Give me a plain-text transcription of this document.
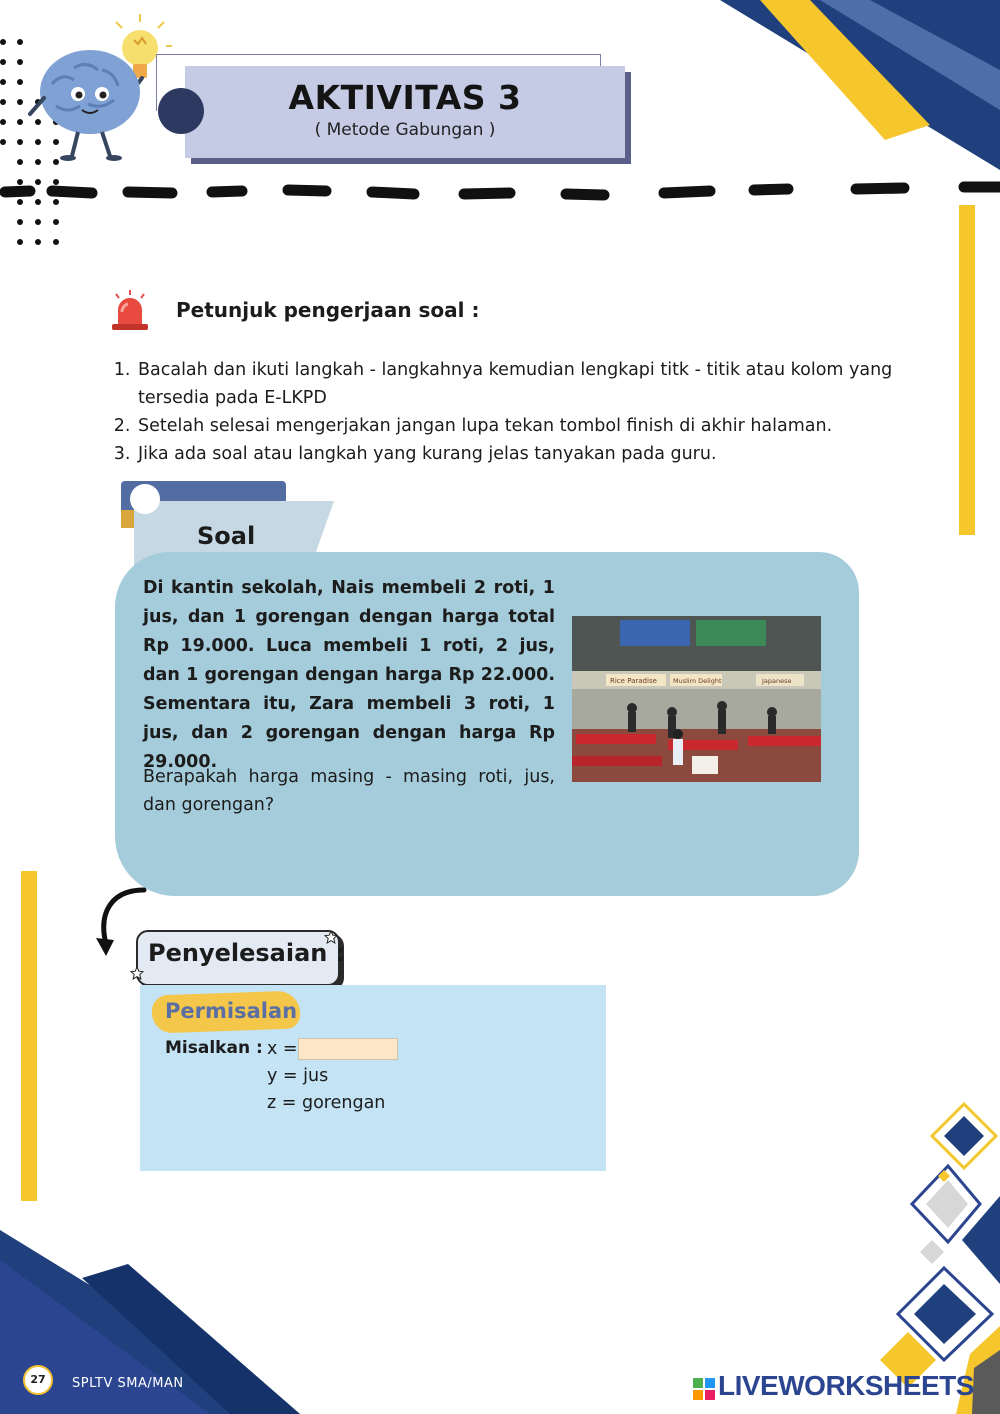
AKTIVITAS 3
( Metode Gabungan )
Petunjuk pengerjaan soal :
1. Bacalah dan ikuti langkah - langkahnya kemudian lengkapi titk - titik atau kolom yang tersedia pada E-LKPD
2. Setelah selesai mengerjakan jangan lupa tekan tombol finish di akhir halaman.
3. Jika ada soal atau langkah yang kurang jelas tanyakan pada guru.
Soal
Di kantin sekolah, Nais membeli 2 roti, 1 jus, dan 1 gorengan dengan harga total Rp 19.000. Luca membeli 1 roti, 2 jus, dan 1 gorengan dengan harga Rp 22.000. Sementara itu, Zara membeli 3 roti, 1 jus, dan 2 gorengan dengan harga Rp 29.000.
Berapakah harga masing - masing roti, jus, dan gorengan?
Rice Paradise Muslim Delight	Japanese
Penyelesaian :
Permisalan
Misalkan : x =
y = jus
z = gorengan
27	SPLTV SMA/MAN	LIVEWORKSHEETS
